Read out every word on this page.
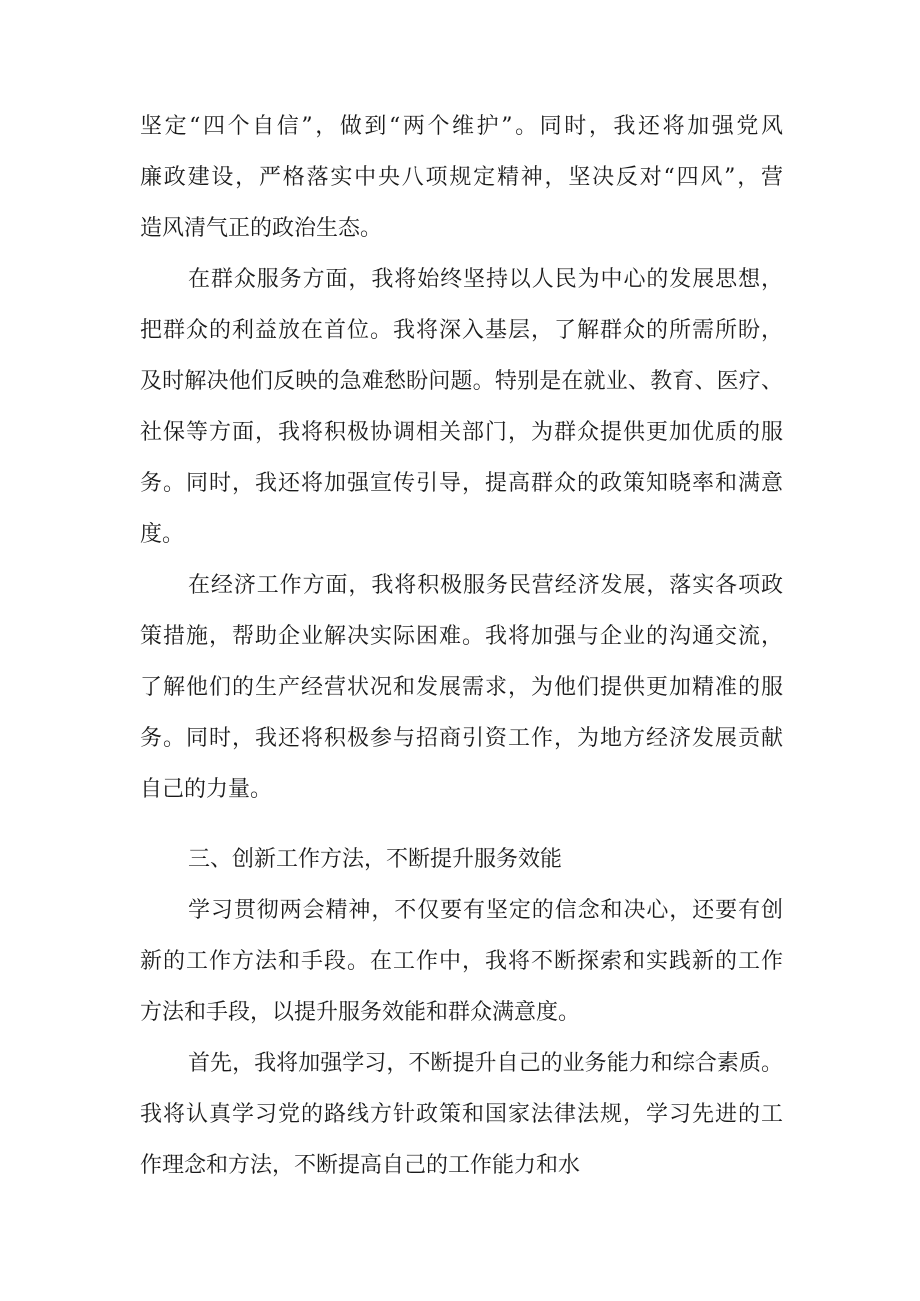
坚定“四个自信”，做到“两个维护”。同时，我还将加强党风
廉政建设，严格落实中央八项规定精神，坚决反对“四风”，营
造风清气正的政治生态。
在群众服务方面，我将始终坚持以人民为中心的发展思想，
把群众的利益放在首位。我将深入基层，了解群众的所需所盼，
及时解决他们反映的急难愁盼问题。特别是在就业、教育、医疗、
社保等方面，我将积极协调相关部门，为群众提供更加优质的服
务。同时，我还将加强宣传引导，提高群众的政策知晓率和满意
度。
在经济工作方面，我将积极服务民营经济发展，落实各项政
策措施，帮助企业解决实际困难。我将加强与企业的沟通交流，
了解他们的生产经营状况和发展需求，为他们提供更加精准的服
务。同时，我还将积极参与招商引资工作，为地方经济发展贡献
自己的力量。
三、创新工作方法，不断提升服务效能
学习贯彻两会精神，不仅要有坚定的信念和决心，还要有创
新的工作方法和手段。在工作中，我将不断探索和实践新的工作
方法和手段，以提升服务效能和群众满意度。
首先，我将加强学习，不断提升自己的业务能力和综合素质。
我将认真学习党的路线方针政策和国家法律法规，学习先进的工
作理念和方法，不断提高自己的工作能力和水
